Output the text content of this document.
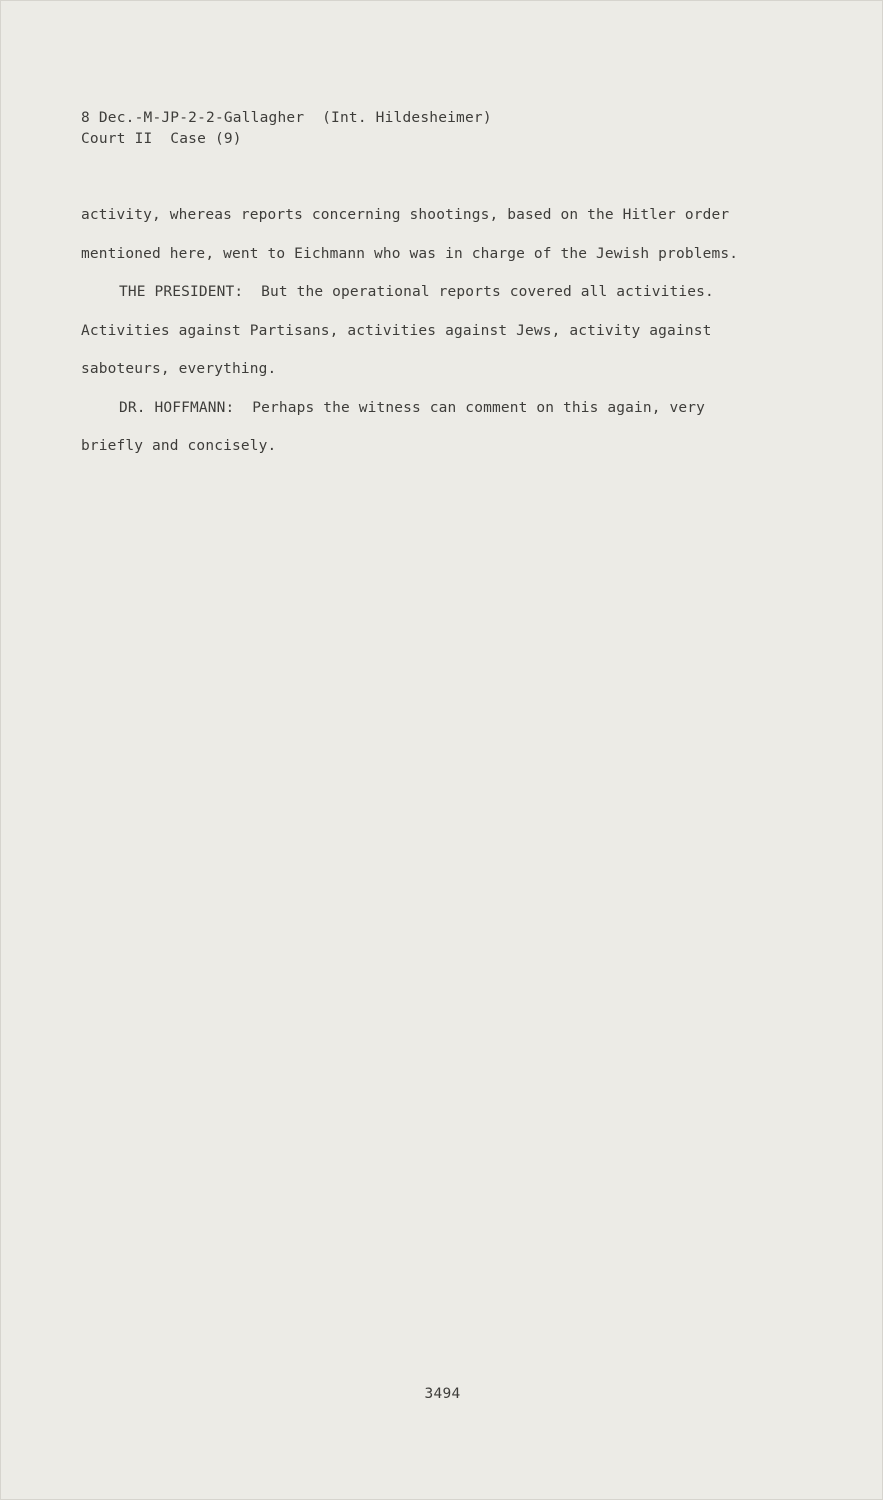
8 Dec.-M-JP-2-2-Gallagher  (Int. Hildesheimer)
Court II  Case (9)
activity, whereas reports concerning shootings, based on the Hitler order
mentioned here, went to Eichmann who was in charge of the Jewish problems.
THE PRESIDENT:  But the operational reports covered all activities.
Activities against Partisans, activities against Jews, activity against
saboteurs, everything.
DR. HOFFMANN:  Perhaps the witness can comment on this again, very
briefly and concisely.
3494
